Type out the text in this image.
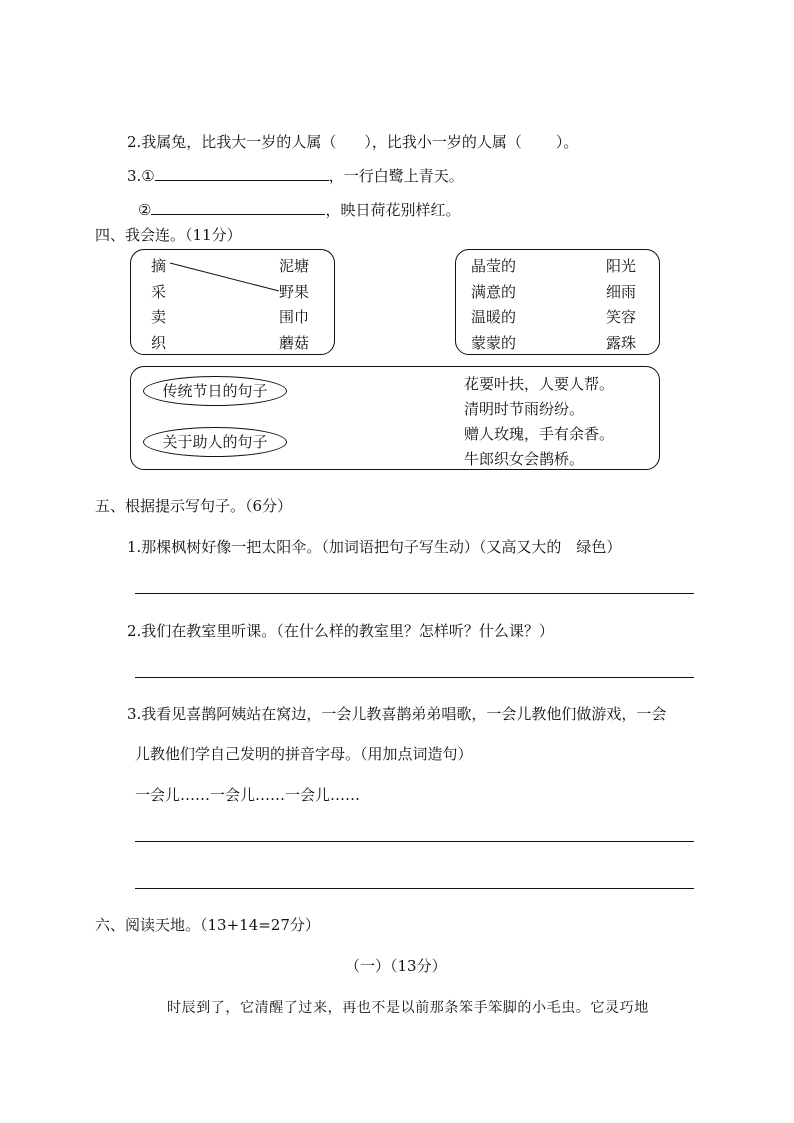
2.我属兔，比我大一岁的人属（ ），比我小一岁的人属（ ）。
3.①	，一行白鹭上青天。
②	，映日荷花别样红。
四、我会连。（11分）
摘
采
卖
织
泥塘
野果
围巾
蘑菇
晶莹的
满意的
温暖的
蒙蒙的
阳光
细雨
笑容
露珠
传统节日的句子
关于助人的句子
花要叶扶，人要人帮。
清明时节雨纷纷。
赠人玫瑰，手有余香。
牛郎织女会鹊桥。
五、根据提示写句子。（6分）
1.那棵枫树好像一把太阳伞。（加词语把句子写生动）（又高又大的　绿色）
2.我们在教室里听课。（在什么样的教室里？怎样听？什么课？）
3.我看见喜鹊阿姨站在窝边，一会儿教喜鹊弟弟唱歌，一会儿教他们做游戏，一会
儿教他们学自己发明的拼音字母。（用加点词造句）
一会儿……一会儿……一会儿……
六、阅读天地。（13+14=27分）
（一）（13分）
时辰到了，它清醒了过来，再也不是以前那条笨手笨脚的小毛虫。它灵巧地
